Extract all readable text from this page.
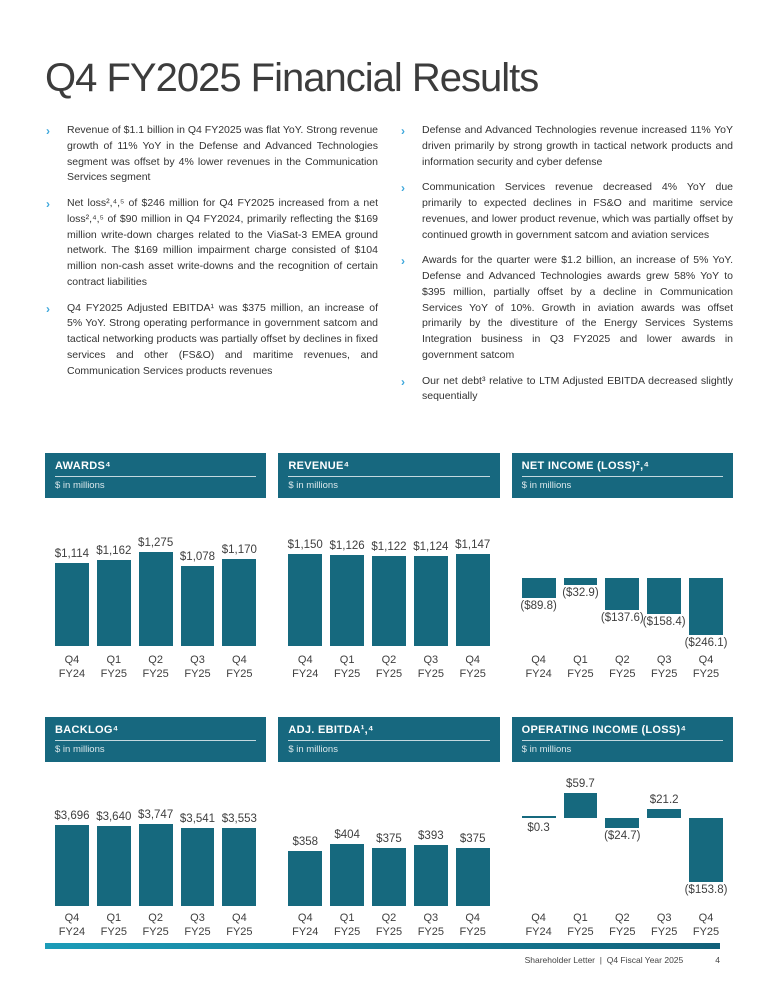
Q4 FY2025 Financial Results
›	Revenue of $1.1 billion in Q4 FY2025 was flat YoY. Strong revenue growth of 11% YoY in the Defense and Advanced Technologies segment was offset by 4% lower revenues in the Communication Services segment
›	Net loss²,⁴,⁵ of $246 million for Q4 FY2025 increased from a net loss²,⁴,⁵ of $90 million in Q4 FY2024, primarily reflecting the $169 million write-down charges related to the ViaSat-3 EMEA ground network. The $169 million impairment charge consisted of $104 million non-cash asset write-downs and the recognition of certain contract liabilities
›	Q4 FY2025 Adjusted EBITDA¹ was $375 million, an increase of 5% YoY. Strong operating performance in government satcom and tactical networking products was partially offset by declines in fixed services and other (FS&O) and maritime revenues, and Communication Services products revenues
›	Defense and Advanced Technologies revenue increased 11% YoY driven primarily by strong growth in tactical network products and information security and cyber defense
›	Communication Services revenue decreased 4% YoY due primarily to expected declines in FS&O and maritime service revenues, and lower product revenue, which was partially offset by continued growth in government satcom and aviation services
›	Awards for the quarter were $1.2 billion, an increase of 5% YoY. Defense and Advanced Technologies awards grew 58% YoY to $395 million, partially offset by a decline in Communication Services YoY of 10%. Growth in aviation awards was offset primarily by the divestiture of the Energy Services Systems Integration business in Q3 FY2025 and lower awards in government satcom
›	Our net debt³ relative to LTM Adjusted EBITDA decreased slightly sequentially
AWARDS⁴
$ in millions
$1,114 $1,162
$1,275
$1,078
$1,170
Q4
FY24
Q1
FY25
Q2
FY25
Q3
FY25
Q4
FY25
REVENUE⁴
$ in millions
$1,150 $1,126 $1,122 $1,124 $1,147
Q4
FY24
Q1
FY25
Q2
FY25
Q3
FY25
Q4
FY25
NET INCOME (LOSS)²,⁴
$ in millions
($89.8)
($32.9)
($137.6) ($158.4)
($246.1)
Q4
FY24
Q1
FY25
Q2
FY25
Q3
FY25
Q4
FY25
BACKLOG⁴
$ in millions
$3,696 $3,640 $3,747 $3,541 $3,553
Q4
FY24
Q1
FY25
Q2
FY25
Q3
FY25
Q4
FY25
ADJ. EBITDA¹,⁴
$ in millions
$358
$404 $375 $393 $375
Q4
FY24
Q1
FY25
Q2
FY25
Q3
FY25
Q4
FY25
OPERATING INCOME (LOSS)⁴
$ in millions
$0.3
$59.7
($24.7)
$21.2
($153.8)
Q4
FY24
Q1
FY25
Q2
FY25
Q3
FY25
Q4
FY25
Shareholder Letter | Q4 Fiscal Year 2025	4
